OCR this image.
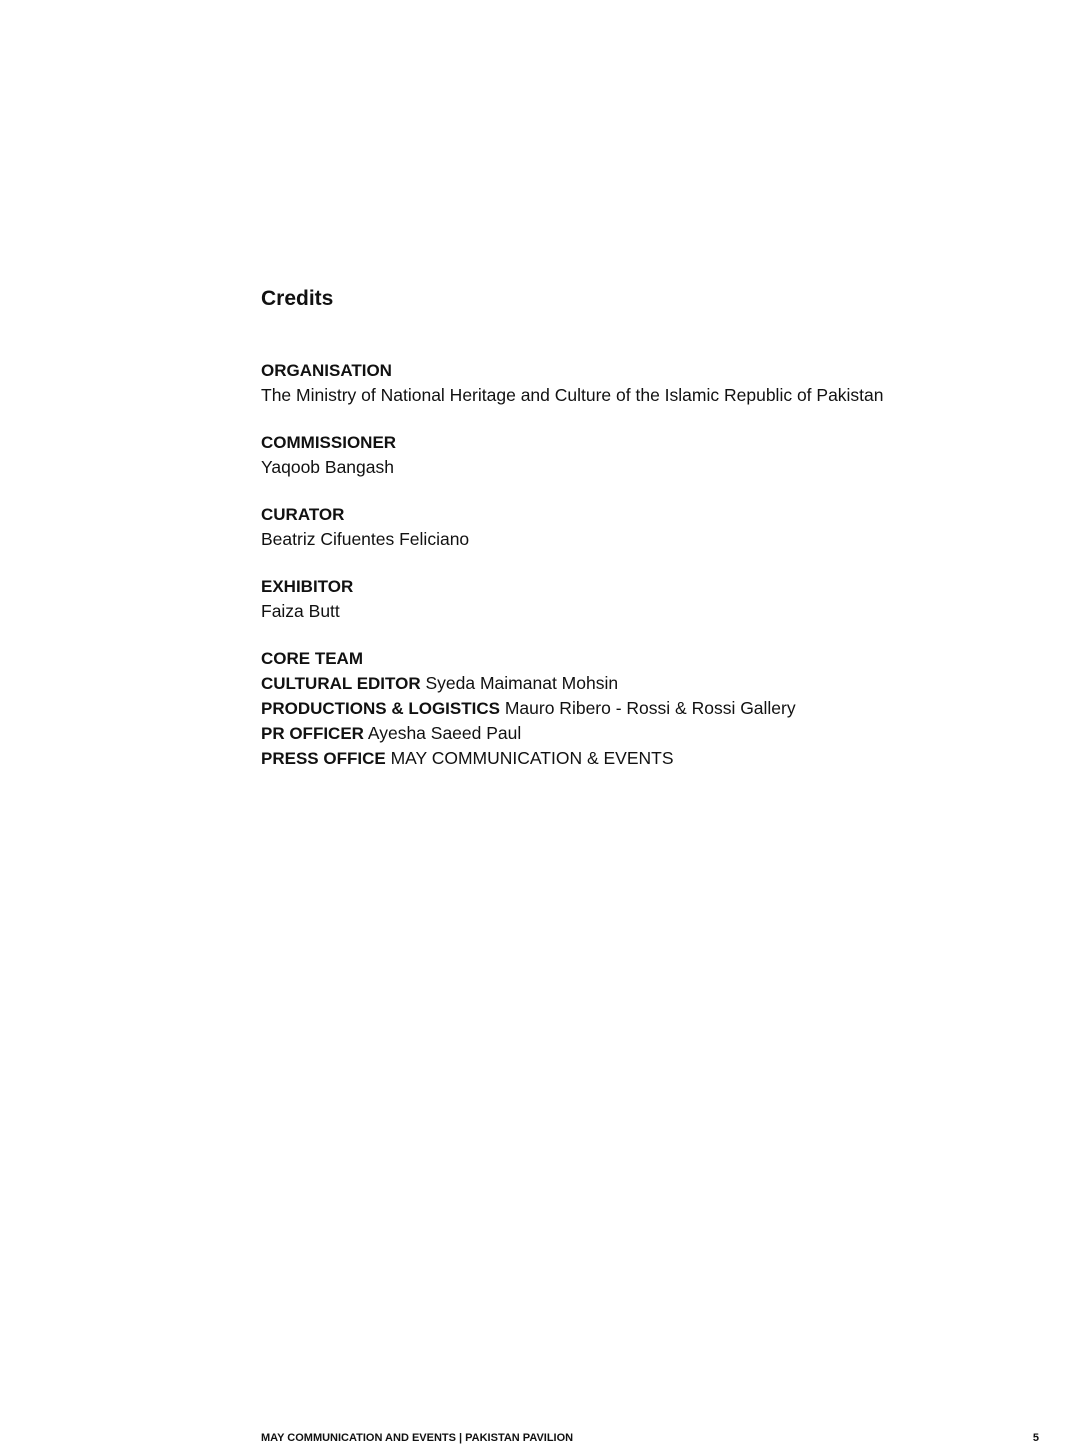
Credits
ORGANISATION
The Ministry of National Heritage and Culture of the Islamic Republic of Pakistan
COMMISSIONER
Yaqoob Bangash
CURATOR
Beatriz Cifuentes Feliciano
EXHIBITOR
Faiza Butt
CORE TEAM
CULTURAL EDITOR Syeda Maimanat Mohsin
PRODUCTIONS & LOGISTICS Mauro Ribero - Rossi & Rossi Gallery
PR OFFICER Ayesha Saeed Paul
PRESS OFFICE MAY COMMUNICATION & EVENTS
MAY COMMUNICATION AND EVENTS | PAKISTAN PAVILION	5
